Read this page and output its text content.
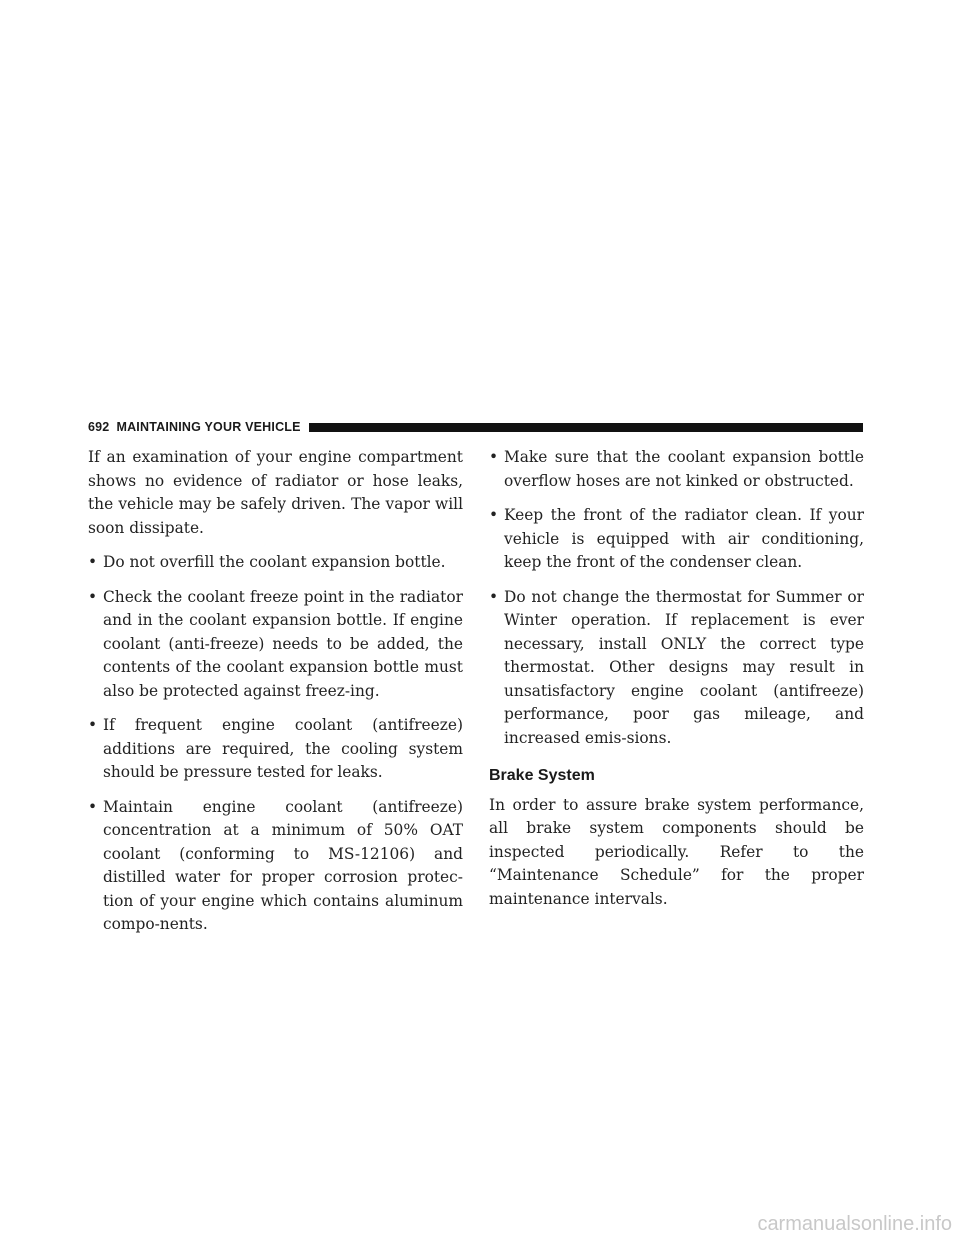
692 MAINTAINING YOUR VEHICLE

If an examination of your engine compartment shows no evidence of radiator or hose leaks, the vehicle may be safely driven. The vapor will soon dissipate.

• Do not overfill the coolant expansion bottle.
• Check the coolant freeze point in the radiator and in the coolant expansion bottle. If engine coolant (anti-freeze) needs to be added, the contents of the coolant expansion bottle must also be protected against freez-ing.
• If frequent engine coolant (antifreeze) additions are required, the cooling system should be pressure tested for leaks.
• Maintain engine coolant (antifreeze) concentration at a minimum of 50% OAT coolant (conforming to MS-12106) and distilled water for proper corrosion protec-tion of your engine which contains aluminum compo-nents.
• Make sure that the coolant expansion bottle overflow hoses are not kinked or obstructed.
• Keep the front of the radiator clean. If your vehicle is equipped with air conditioning, keep the front of the condenser clean.
• Do not change the thermostat for Summer or Winter operation. If replacement is ever necessary, install ONLY the correct type thermostat. Other designs may result in unsatisfactory engine coolant (antifreeze) performance, poor gas mileage, and increased emis-sions.
Brake System

In order to assure brake system performance, all brake system components should be inspected periodically. Refer to the “Maintenance Schedule” for the proper maintenance intervals.

carmanualsonline.info
